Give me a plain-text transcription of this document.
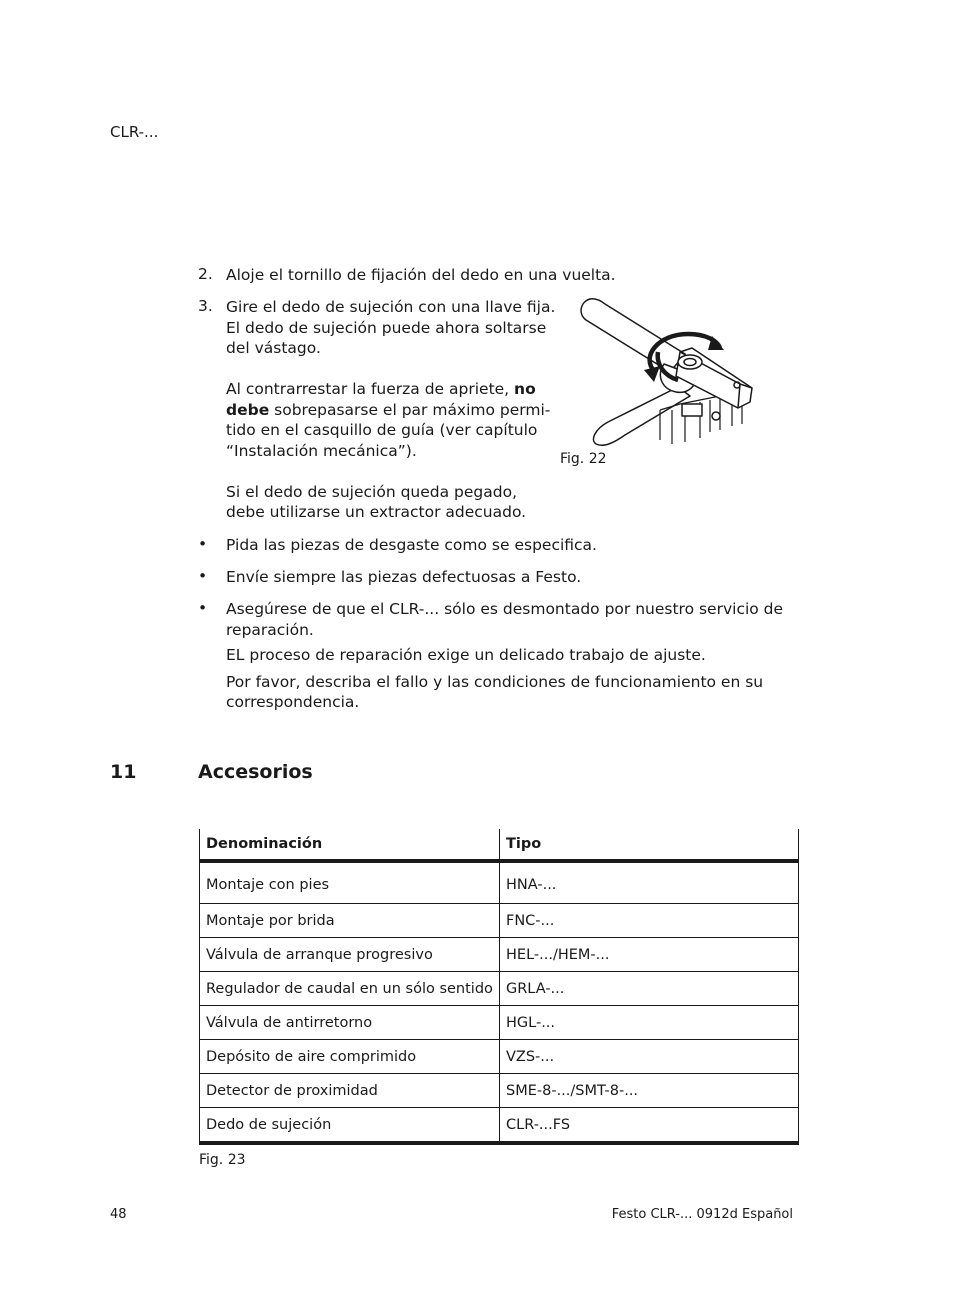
CLR-...
2. Aloje el tornillo de fijación del dedo en una vuelta.
3. Gire el dedo de sujeción con una llave fija.
El dedo de sujeción puede ahora soltarse
del vástago.
Al contrarrestar la fuerza de apriete, no
debe sobrepasarse el par máximo permi-
tido en el casquillo de guía (ver capítulo
“Instalación mecánica”).
Si el dedo de sujeción queda pegado,
debe utilizarse un extractor adecuado.
Fig. 22
• Pida las piezas de desgaste como se especifica.
• Envíe siempre las piezas defectuosas a Festo.
• Asegúrese de que el CLR-... sólo es desmontado por nuestro servicio de
reparación.
EL proceso de reparación exige un delicado trabajo de ajuste.
Por favor, describa el fallo y las condiciones de funcionamiento en su
correspondencia.
11	Accesorios
Denominación	Tipo
Montaje con pies	HNA-...
Montaje por brida	FNC-...
Válvula de arranque progresivo	HEL-.../HEM-...
Regulador de caudal en un sólo sentido	GRLA-...
Válvula de antirretorno	HGL-...
Depósito de aire comprimido	VZS-...
Detector de proximidad	SME-8-.../SMT-8-...
Dedo de sujeción	CLR-...FS
Fig. 23
48	Festo CLR-... 0912d Español
